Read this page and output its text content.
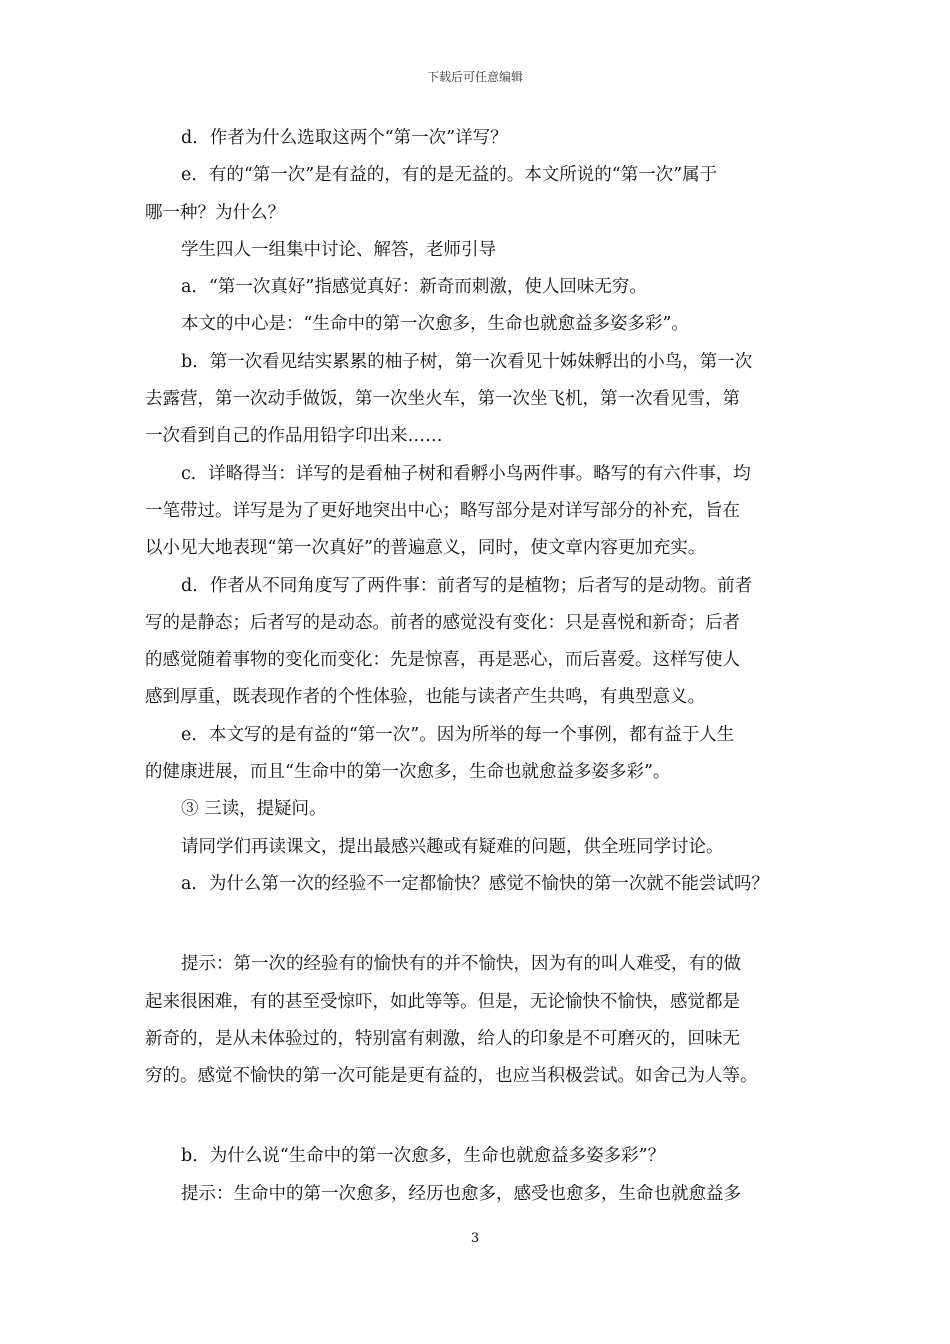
下载后可任意编辑

d．作者为什么选取这两个“第一次”详写？

e．有的“第一次”是有益的，有的是无益的。本文所说的“第一次”属于

哪一种？为什么？

学生四人一组集中讨论、解答，老师引导

a．“第一次真好”指感觉真好：新奇而刺激，使人回味无穷。

本文的中心是：“生命中的第一次愈多，生命也就愈益多姿多彩”。

b．第一次看见结实累累的柚子树，第一次看见十姊妹孵出的小鸟，第一次

去露营，第一次动手做饭，第一次坐火车，第一次坐飞机，第一次看见雪，第

一次看到自己的作品用铅字印出来……

c．详略得当：详写的是看柚子树和看孵小鸟两件事。略写的有六件事，均

一笔带过。详写是为了更好地突出中心；略写部分是对详写部分的补充，旨在

以小见大地表现“第一次真好”的普遍意义，同时，使文章内容更加充实。

d．作者从不同角度写了两件事：前者写的是植物；后者写的是动物。前者

写的是静态；后者写的是动态。前者的感觉没有变化：只是喜悦和新奇；后者

的感觉随着事物的变化而变化：先是惊喜，再是恶心，而后喜爱。这样写使人

感到厚重，既表现作者的个性体验，也能与读者产生共鸣，有典型意义。

e．本文写的是有益的“第一次”。因为所举的每一个事例，都有益于人生

的健康进展，而且“生命中的第一次愈多，生命也就愈益多姿多彩”。

③ 三读，提疑问。

请同学们再读课文，提出最感兴趣或有疑难的问题，供全班同学讨论。

a．为什么第一次的经验不一定都愉快？感觉不愉快的第一次就不能尝试吗？

提示：第一次的经验有的愉快有的并不愉快，因为有的叫人难受，有的做

起来很困难，有的甚至受惊吓，如此等等。但是，无论愉快不愉快，感觉都是

新奇的，是从未体验过的，特别富有刺激，给人的印象是不可磨灭的，回味无

穷的。感觉不愉快的第一次可能是更有益的，也应当积极尝试。如舍己为人等。

b．为什么说“生命中的第一次愈多，生命也就愈益多姿多彩”？

提示：生命中的第一次愈多，经历也愈多，感受也愈多，生命也就愈益多

3
